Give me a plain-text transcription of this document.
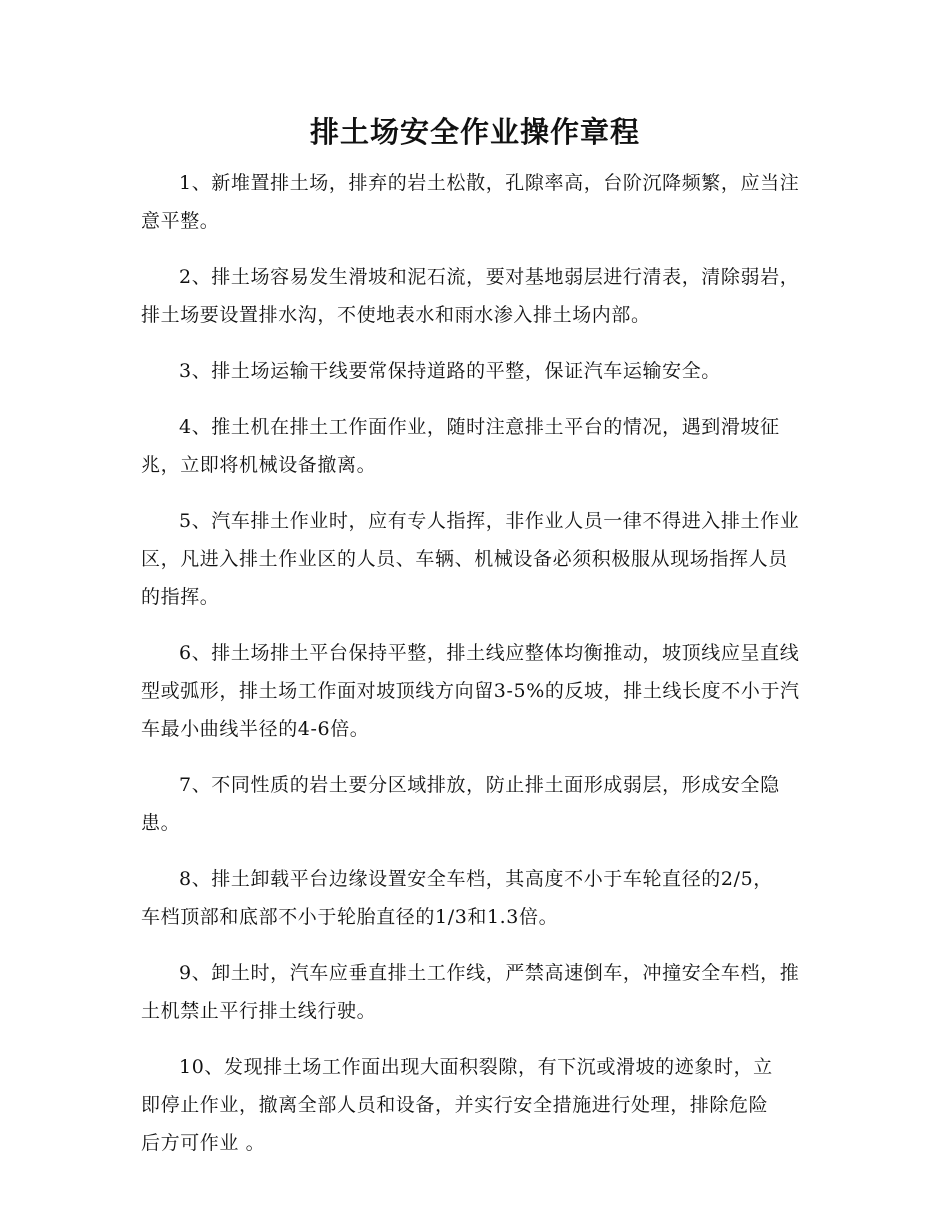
排土场安全作业操作章程

1、新堆置排土场，排弃的岩土松散，孔隙率高，台阶沉降频繁，应当注意平整。

2、排土场容易发生滑坡和泥石流，要对基地弱层进行清表，清除弱岩，排土场要设置排水沟，不使地表水和雨水渗入排土场内部。

3、排土场运输干线要常保持道路的平整，保证汽车运输安全。

4、推土机在排土工作面作业，随时注意排土平台的情况，遇到滑坡征兆，立即将机械设备撤离。

5、汽车排土作业时，应有专人指挥，非作业人员一律不得进入排土作业区，凡进入排土作业区的人员、车辆、机械设备必须积极服从现场指挥人员的指挥。

6、排土场排土平台保持平整，排土线应整体均衡推动，坡顶线应呈直线型或弧形，排土场工作面对坡顶线方向留3-5%的反坡，排土线长度不小于汽车最小曲线半径的4-6倍。

7、不同性质的岩土要分区域排放，防止排土面形成弱层，形成安全隐患。

8、排土卸载平台边缘设置安全车档，其高度不小于车轮直径的2/5，车档顶部和底部不小于轮胎直径的1/3和1.3倍。

9、卸土时，汽车应垂直排土工作线，严禁高速倒车，冲撞安全车档，推土机禁止平行排土线行驶。

10、发现排土场工作面出现大面积裂隙，有下沉或滑坡的迹象时，立即停止作业，撤离全部人员和设备，并实行安全措施进行处理，排除危险后方可作业 。
